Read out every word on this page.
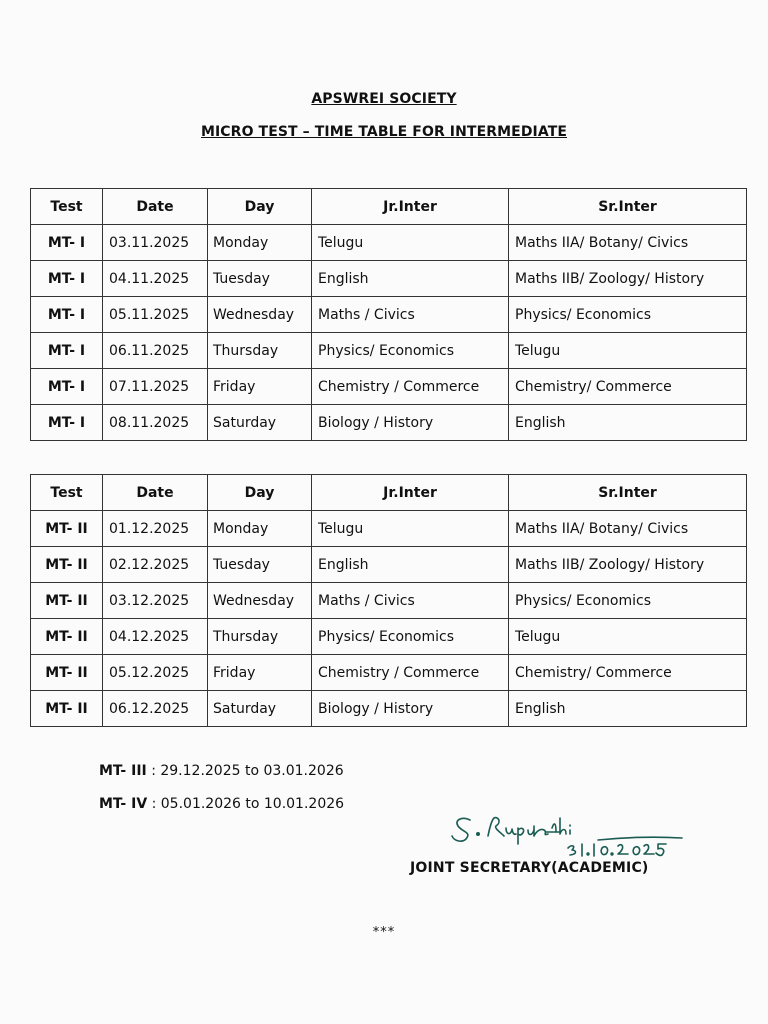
APSWREI SOCIETY
MICRO TEST – TIME TABLE FOR INTERMEDIATE
Test	Date	Day	Jr.Inter	Sr.Inter
MT- I	03.11.2025	Monday	Telugu	Maths IIA/ Botany/ Civics
MT- I	04.11.2025	Tuesday	English	Maths IIB/ Zoology/ History
MT- I	05.11.2025	Wednesday	Maths / Civics	Physics/ Economics
MT- I	06.11.2025	Thursday	Physics/ Economics	Telugu
MT- I	07.11.2025	Friday	Chemistry / Commerce	Chemistry/ Commerce
MT- I	08.11.2025	Saturday	Biology / History	English
Test	Date	Day	Jr.Inter	Sr.Inter
MT- II	01.12.2025	Monday	Telugu	Maths IIA/ Botany/ Civics
MT- II	02.12.2025	Tuesday	English	Maths IIB/ Zoology/ History
MT- II	03.12.2025	Wednesday	Maths / Civics	Physics/ Economics
MT- II	04.12.2025	Thursday	Physics/ Economics	Telugu
MT- II	05.12.2025	Friday	Chemistry / Commerce	Chemistry/ Commerce
MT- II	06.12.2025	Saturday	Biology / History	English
MT- III : 29.12.2025 to 03.01.2026
MT- IV : 05.01.2026 to 10.01.2026
JOINT SECRETARY(ACADEMIC)
***
